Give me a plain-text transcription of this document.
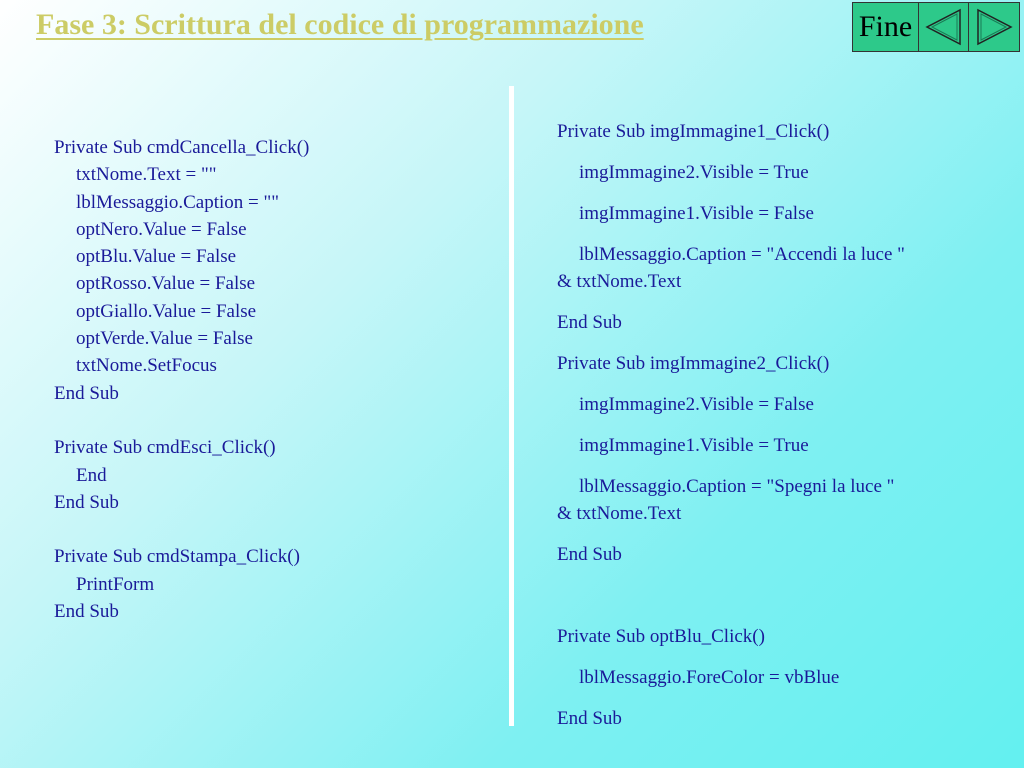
Fase 3: Scrittura del codice di programmazione	Fine
Private Sub cmdCancella_Click()
txtNome.Text = ""
lblMessaggio.Caption = ""
optNero.Value = False
optBlu.Value = False
optRosso.Value = False
optGiallo.Value = False
optVerde.Value = False
txtNome.SetFocus
End Sub
Private Sub cmdEsci_Click()
End
End Sub
Private Sub cmdStampa_Click()
PrintForm
End Sub
Private Sub imgImmagine1_Click()
imgImmagine2.Visible = True
imgImmagine1.Visible = False
lblMessaggio.Caption = "Accendi la luce "
& txtNome.Text
End Sub
Private Sub imgImmagine2_Click()
imgImmagine2.Visible = False
imgImmagine1.Visible = True
lblMessaggio.Caption = "Spegni la luce "
& txtNome.Text
End Sub
Private Sub optBlu_Click()
lblMessaggio.ForeColor = vbBlue
End Sub
